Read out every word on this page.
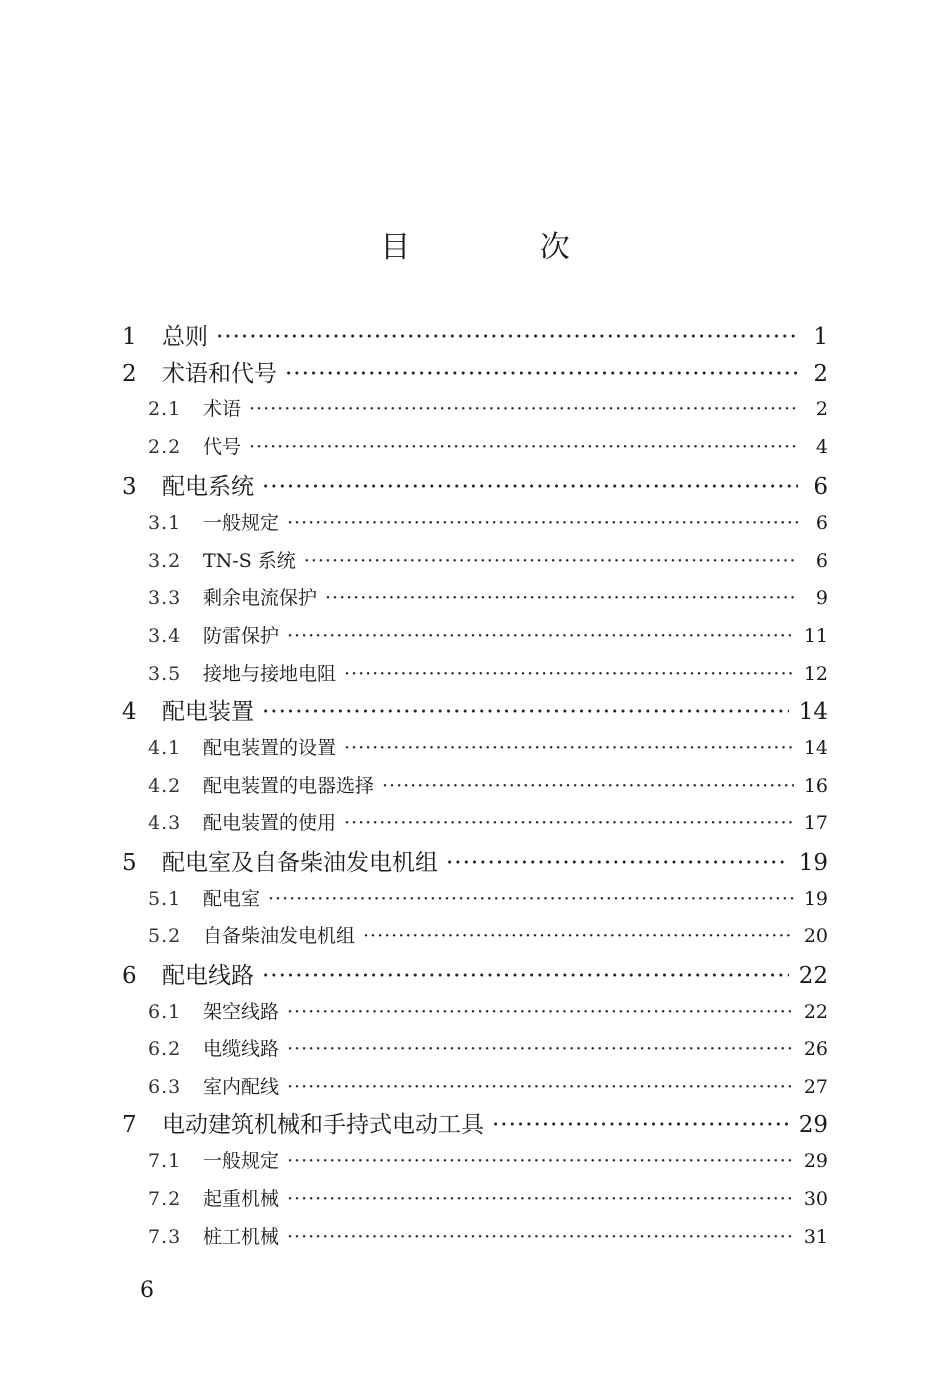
目 次
1	总则 ·····	1
2	术语和代号 ·····	2
2.1	术语 ·····	2
2.2	代号 ·····	4
3	配电系统 ·····	6
3.1	一般规定 ·····	6
3.2	TN-S 系统 ·····	6
3.3	剩余电流保护 ·····	9
3.4	防雷保护 ·····	11
3.5	接地与接地电阻 ·····	12
4	配电装置 ·····	14
4.1	配电装置的设置 ·····	14
4.2	配电装置的电器选择 ·····	16
4.3	配电装置的使用 ·····	17
5	配电室及自备柴油发电机组 ·····	19
5.1	配电室 ·····	19
5.2	自备柴油发电机组 ·····	20
6	配电线路 ·····	22
6.1	架空线路 ·····	22
6.2	电缆线路 ·····	26
6.3	室内配线 ·····	27
7	电动建筑机械和手持式电动工具 ·····	29
7.1	一般规定 ·····	29
7.2	起重机械 ·····	30
7.3	桩工机械 ·····	31
6
